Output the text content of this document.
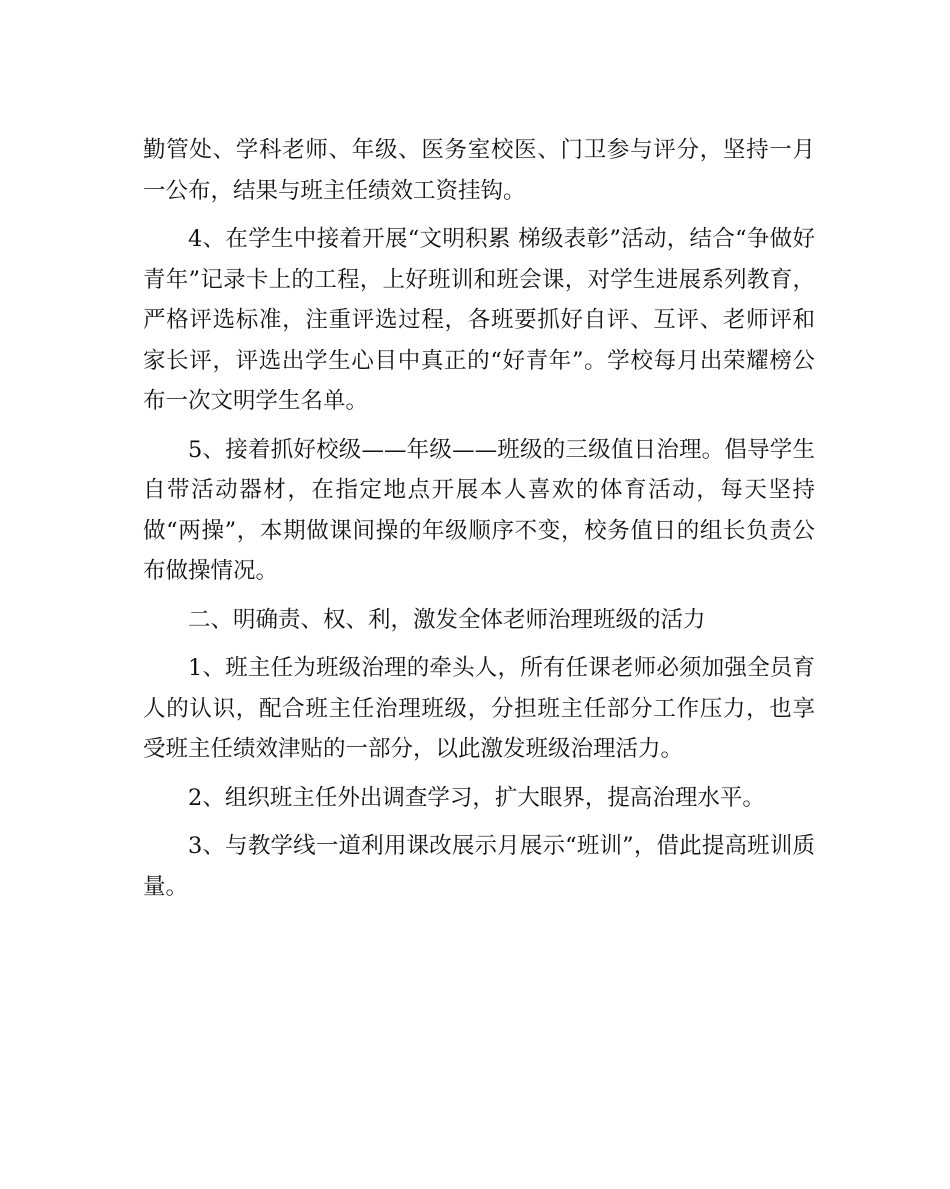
勤管处、学科老师、年级、医务室校医、门卫参与评分，坚持一月一公布，结果与班主任绩效工资挂钩。

4、在学生中接着开展“文明积累 梯级表彰”活动，结合“争做好青年”记录卡上的工程，上好班训和班会课，对学生进展系列教育，严格评选标准，注重评选过程，各班要抓好自评、互评、老师评和家长评，评选出学生心目中真正的“好青年”。学校每月出荣耀榜公布一次文明学生名单。

5、接着抓好校级——年级——班级的三级值日治理。倡导学生自带活动器材，在指定地点开展本人喜欢的体育活动，每天坚持做“两操”，本期做课间操的年级顺序不变，校务值日的组长负责公布做操情况。

二、明确责、权、利，激发全体老师治理班级的活力

1、班主任为班级治理的牵头人，所有任课老师必须加强全员育人的认识，配合班主任治理班级，分担班主任部分工作压力，也享受班主任绩效津贴的一部分，以此激发班级治理活力。

2、组织班主任外出调查学习，扩大眼界，提高治理水平。

3、与教学线一道利用课改展示月展示“班训”，借此提高班训质量。
